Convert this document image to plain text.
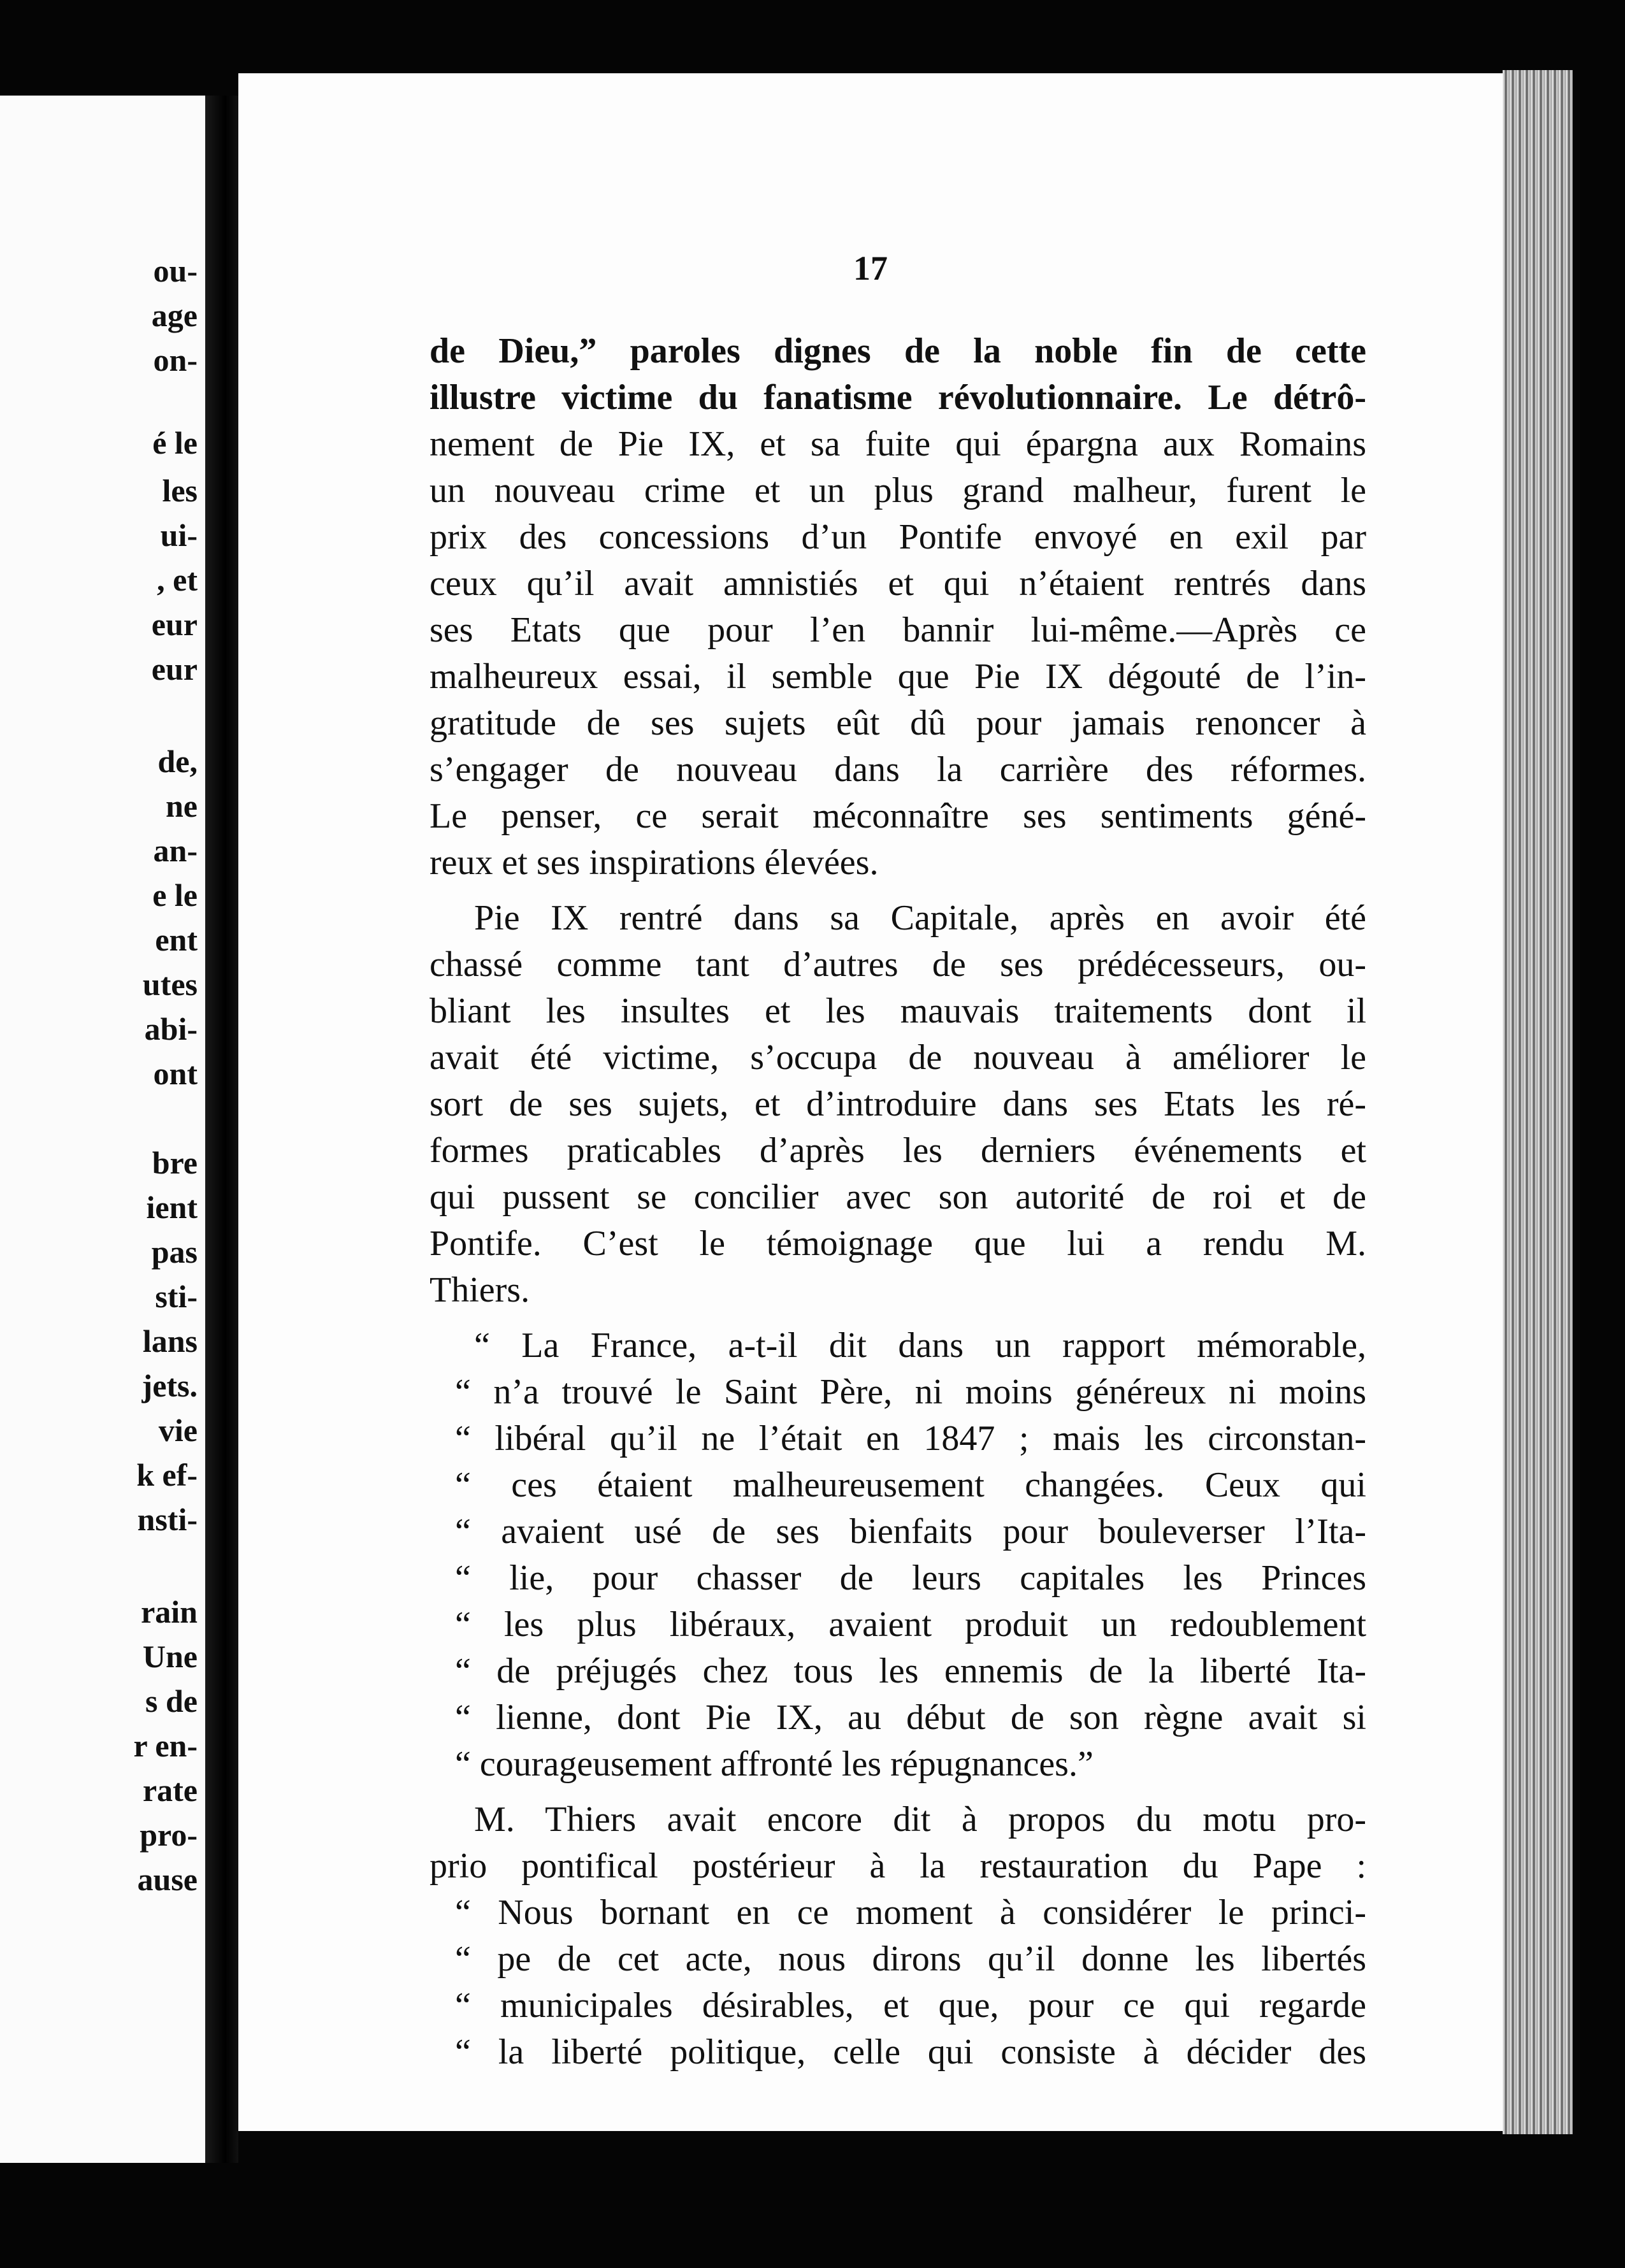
ou-
age
on-
é le
les
ui-
, et
eur
eur
de,
ne
an-
e le
ent
utes
abi-
ont
bre
ient
pas
sti-
lans
jets.
vie
k ef-
nsti-
rain
Une
s de
r en-
rate
pro-
ause
17
de Dieu,” paroles dignes de la noble fin de cette
illustre victime du fanatisme révolutionnaire. Le détrô-
nement de Pie IX, et sa fuite qui épargna aux Romains
un nouveau crime et un plus grand malheur, furent le
prix des concessions d’un Pontife envoyé en exil par
ceux qu’il avait amnistiés et qui n’étaient rentrés dans
ses Etats que pour l’en bannir lui-même.—Après ce
malheureux essai, il semble que Pie IX dégouté de l’in-
gratitude de ses sujets eût dû pour jamais renoncer à
s’engager de nouveau dans la carrière des réformes.
Le penser, ce serait méconnaître ses sentiments géné-
reux et ses inspirations élevées.
Pie IX rentré dans sa Capitale, après en avoir été
chassé comme tant d’autres de ses prédécesseurs, ou-
bliant les insultes et les mauvais traitements dont il
avait été victime, s’occupa de nouveau à améliorer le
sort de ses sujets, et d’introduire dans ses Etats les ré-
formes praticables d’après les derniers événements et
qui pussent se concilier avec son autorité de roi et de
Pontife. C’est le témoignage que lui a rendu M.
Thiers.
“ La France, a-t-il dit dans un rapport mémorable,
“ n’a trouvé le Saint Père, ni moins généreux ni moins
“ libéral qu’il ne l’était en 1847 ; mais les circonstan-
“ ces étaient malheureusement changées. Ceux qui
“ avaient usé de ses bienfaits pour bouleverser l’Ita-
“ lie, pour chasser de leurs capitales les Princes
“ les plus libéraux, avaient produit un redoublement
“ de préjugés chez tous les ennemis de la liberté Ita-
“ lienne, dont Pie IX, au début de son règne avait si
“ courageusement affronté les répugnances.”
M. Thiers avait encore dit à propos du motu pro-
prio pontifical postérieur à la restauration du Pape :
“ Nous bornant en ce moment à considérer le princi-
“ pe de cet acte, nous dirons qu’il donne les libertés
“ municipales désirables, et que, pour ce qui regarde
“ la liberté politique, celle qui consiste à décider des
